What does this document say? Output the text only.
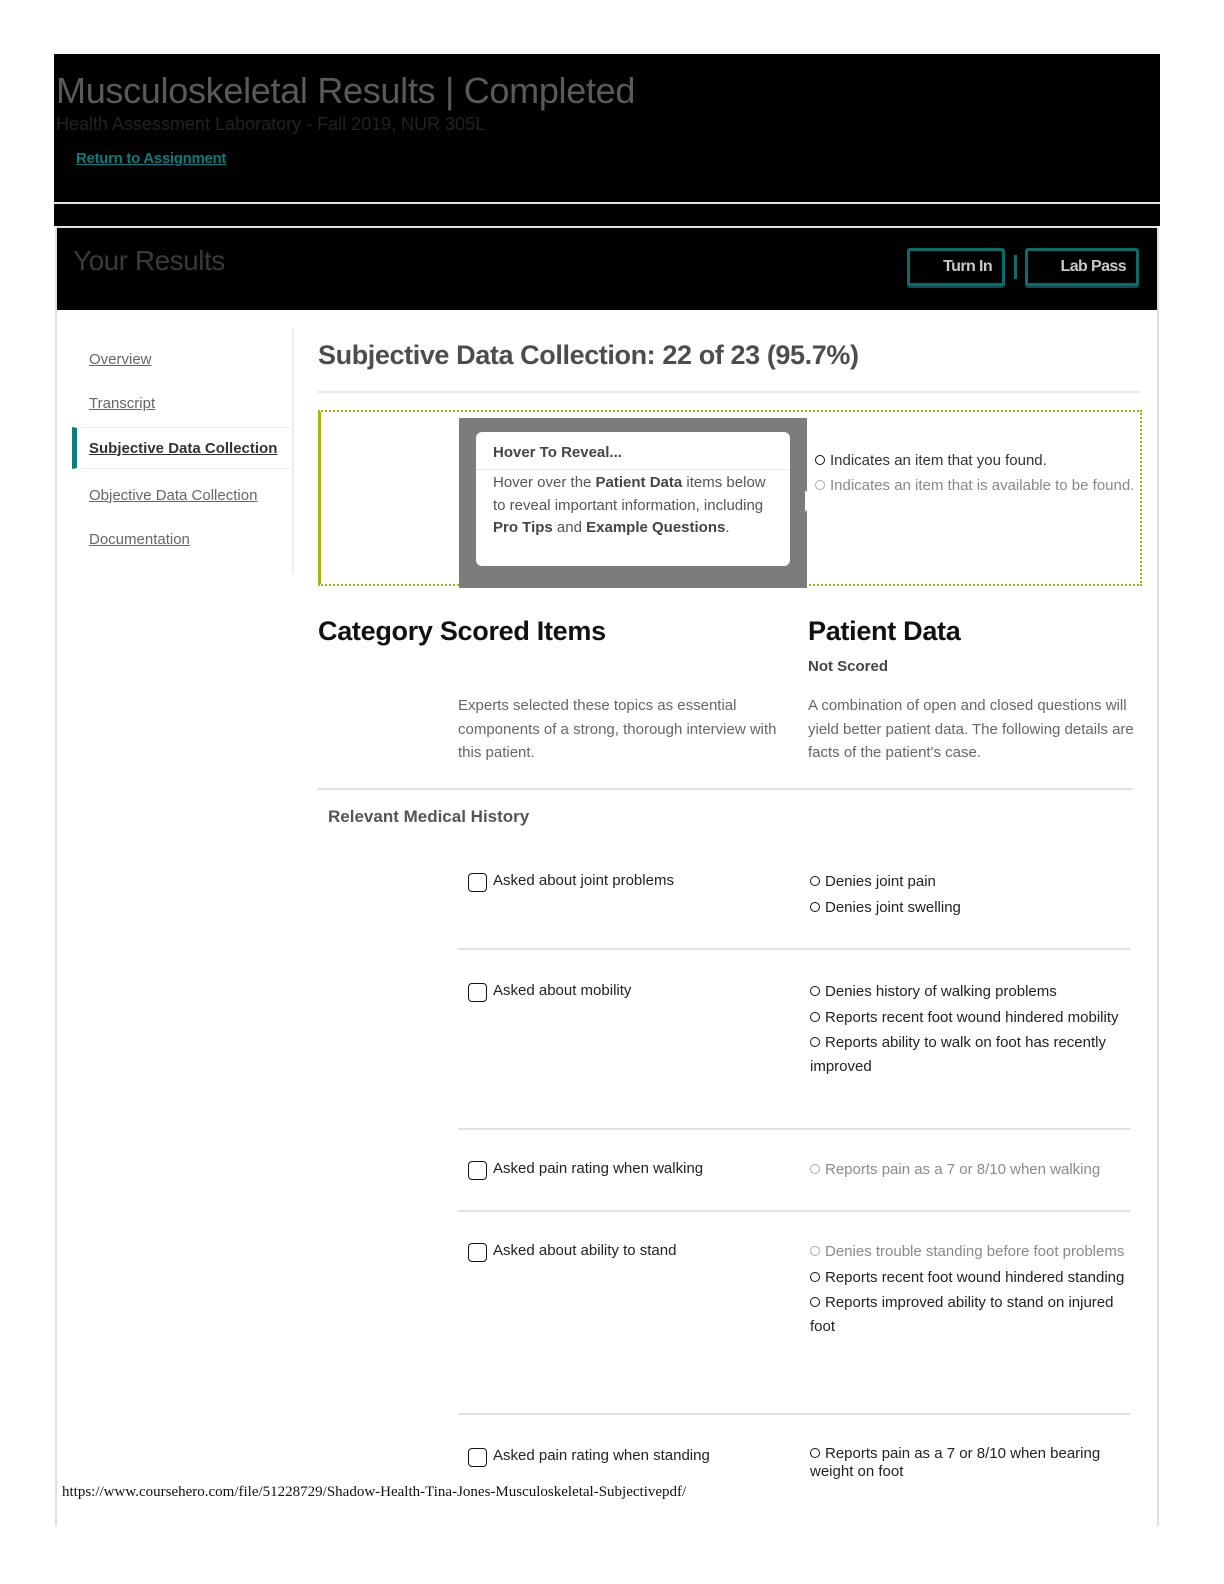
Musculoskeletal Results | Completed
Health Assessment Laboratory - Fall 2019, NUR 305L
Return to Assignment
Your Results	Turn In	Lab Pass
Overview
Transcript
Subjective Data Collection
Objective Data Collection
Documentation
Subjective Data Collection: 22 of 23 (95.7%)
Hover To Reveal...
Hover over the Patient Data items below to reveal important information, including Pro Tips and Example Questions.
Indicates an item that you found.
Indicates an item that is available to be found.
Category Scored Items	Patient Data
Not Scored
Experts selected these topics as essential components of a strong, thorough interview with this patient.
A combination of open and closed questions will yield better patient data. The following details are facts of the patient's case.
Relevant Medical History
Asked about joint problems	Denies joint pain
Denies joint swelling
Asked about mobility	Denies history of walking problems
Reports recent foot wound hindered mobility
Reports ability to walk on foot has recently improved
Asked pain rating when walking	Reports pain as a 7 or 8/10 when walking
Asked about ability to stand	Denies trouble standing before foot problems
Reports recent foot wound hindered standing
Reports improved ability to stand on injured foot
Asked pain rating when standing	Reports pain as a 7 or 8/10 when bearing weight on foot
https://www.coursehero.com/file/51228729/Shadow-Health-Tina-Jones-Musculoskeletal-Subjectivepdf/
